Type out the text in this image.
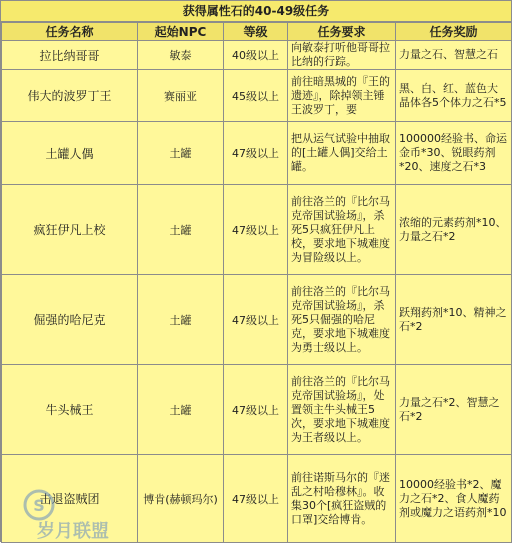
获得属性石的40-49级任务
任务名称	起始NPC	等级	任务要求	任务奖励
拉比纳哥哥	敏泰	40级以上	向敏泰打听他哥哥拉比纳的行踪。	力量之石、智慧之石
伟大的波罗丁王	赛丽亚	45级以上	前往暗黑城的『王的遗迹』，除掉领主锤王波罗丁，要	黑、白、红、蓝色大晶体各5个体力之石*5
土罐人偶	土罐	47级以上	把从运气试验中抽取的[土罐人偶]交给土罐。	100000经验书、命运金币*30、锐眼药剂*20、速度之石*3
疯狂伊凡上校	土罐	47级以上	前往洛兰的『比尔马克帝国试验场』，杀死5只疯狂伊凡上校，要求地下城难度为冒险级以上。	浓缩的元素药剂*10、力量之石*2
倔强的哈尼克	土罐	47级以上	前往洛兰的『比尔马克帝国试验场』，杀死5只倔强的哈尼克，要求地下城难度为勇士级以上。	跃翔药剂*10、精神之石*2
牛头械王	土罐	47级以上	前往洛兰的『比尔马克帝国试验场』，处置领主牛头械王5次，要求地下城难度为王者级以上。	力量之石*2、智慧之石*2
击退盗贼团	博肯(赫顿玛尔)	47级以上	前往诺斯马尔的『迷乱之村哈穆林』。收集30个[疯狂盗贼的口罩]交给博肯。	10000经验书*2、魔力之石*2、食人魔药剂或魔力之语药剂*10
S
岁月联盟
